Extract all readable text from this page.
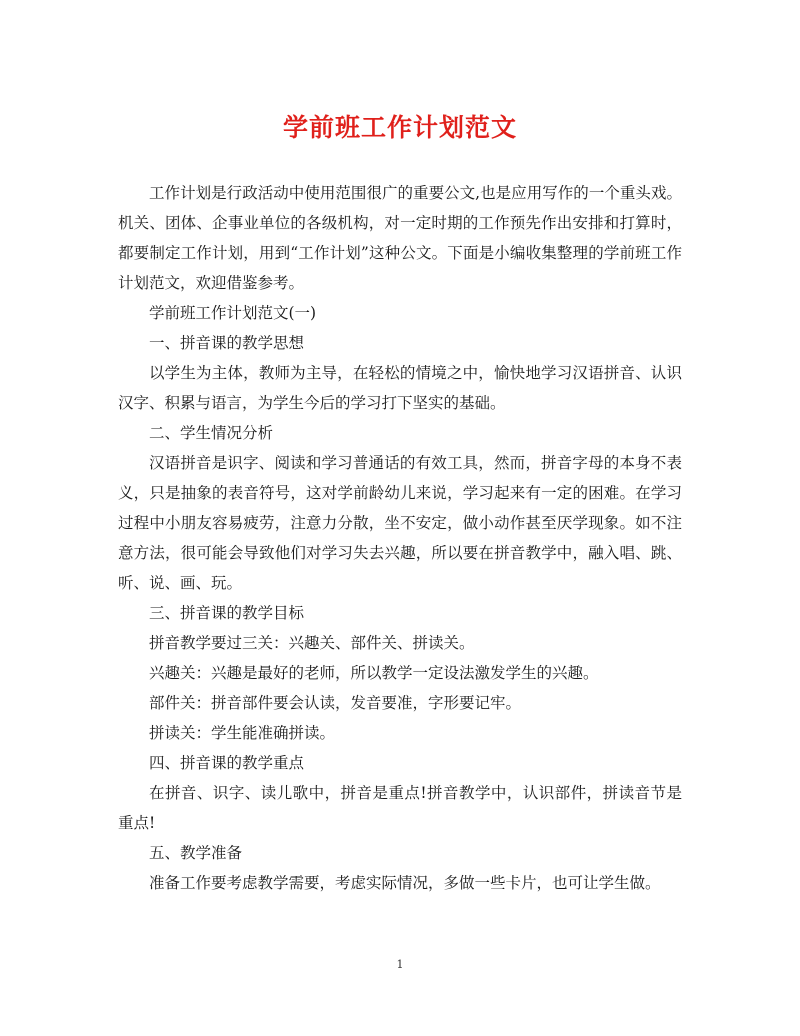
学前班工作计划范文

工作计划是行政活动中使用范围很广的重要公文,也是应用写作的一个重头戏。机关、团体、企事业单位的各级机构，对一定时期的工作预先作出安排和打算时，都要制定工作计划，用到“工作计划”这种公文。下面是小编收集整理的学前班工作计划范文，欢迎借鉴参考。

学前班工作计划范文(一)

一、拼音课的教学思想

以学生为主体，教师为主导，在轻松的情境之中，愉快地学习汉语拼音、认识汉字、积累与语言，为学生今后的学习打下坚实的基础。

二、学生情况分析

汉语拼音是识字、阅读和学习普通话的有效工具，然而，拼音字母的本身不表义，只是抽象的表音符号，这对学前龄幼儿来说，学习起来有一定的困难。在学习过程中小朋友容易疲劳，注意力分散，坐不安定，做小动作甚至厌学现象。如不注意方法，很可能会导致他们对学习失去兴趣，所以要在拼音教学中，融入唱、跳、听、说、画、玩。

三、拼音课的教学目标

拼音教学要过三关：兴趣关、部件关、拼读关。

兴趣关：兴趣是最好的老师，所以教学一定设法激发学生的兴趣。

部件关：拼音部件要会认读，发音要准，字形要记牢。

拼读关：学生能准确拼读。

四、拼音课的教学重点

在拼音、识字、读儿歌中，拼音是重点!拼音教学中，认识部件，拼读音节是重点!

五、教学准备

准备工作要考虑教学需要，考虑实际情况，多做一些卡片，也可让学生做。

1
